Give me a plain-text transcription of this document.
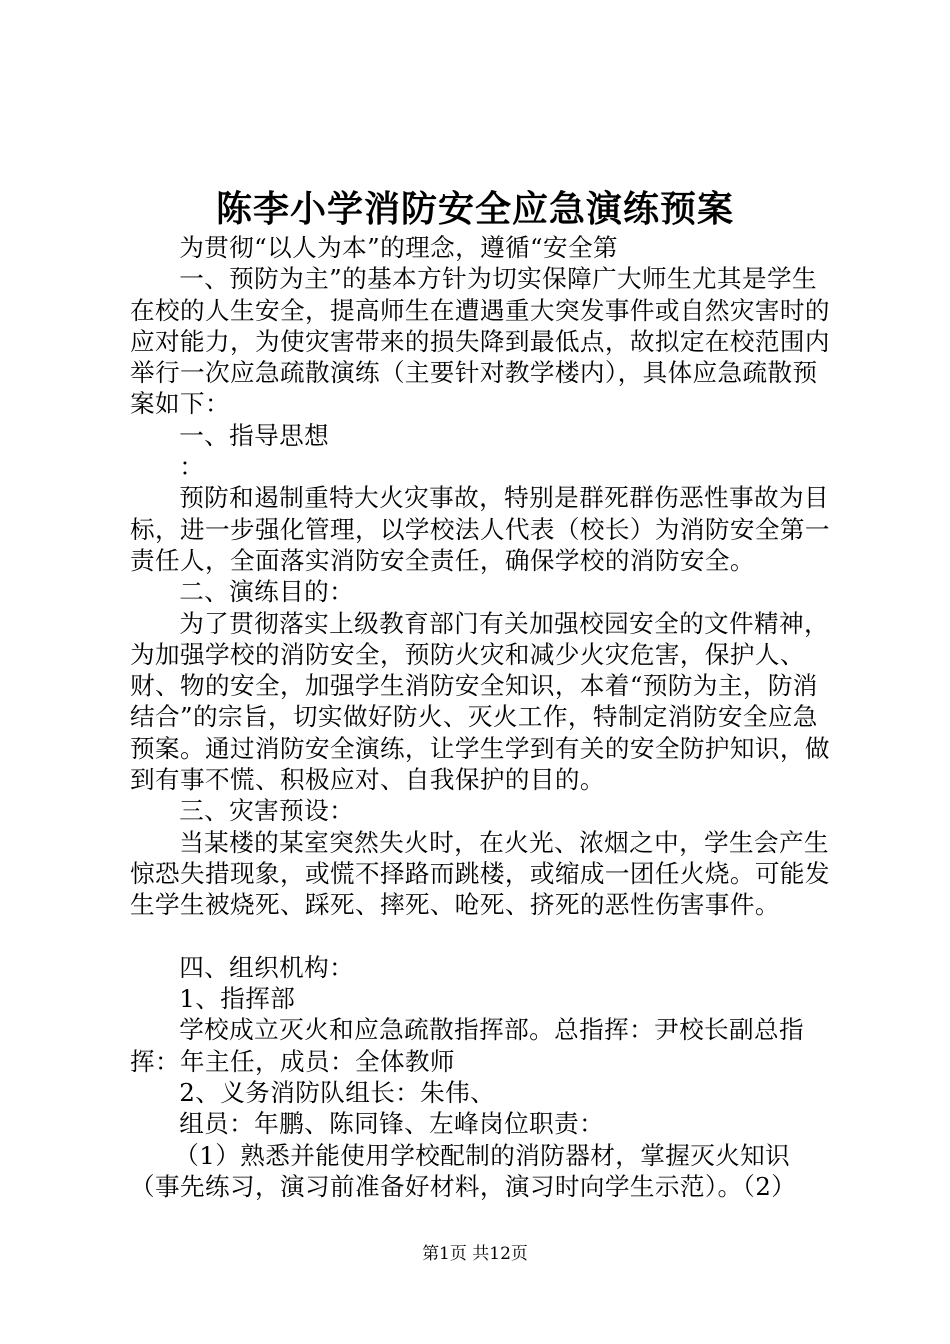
陈李小学消防安全应急演练预案

为贯彻“以人为本”的理念，遵循“安全第

一、预防为主”的基本方针为切实保障广大师生尤其是学生在校的人生安全，提高师生在遭遇重大突发事件或自然灾害时的应对能力，为使灾害带来的损失降到最低点，故拟定在校范围内举行一次应急疏散演练（主要针对教学楼内），具体应急疏散预案如下：

一、指导思想

：

预防和遏制重特大火灾事故，特别是群死群伤恶性事故为目标，进一步强化管理，以学校法人代表（校长）为消防安全第一责任人，全面落实消防安全责任，确保学校的消防安全。

二、演练目的：

为了贯彻落实上级教育部门有关加强校园安全的文件精神，为加强学校的消防安全，预防火灾和减少火灾危害，保护人、财、物的安全，加强学生消防安全知识，本着“预防为主，防消结合”的宗旨，切实做好防火、灭火工作，特制定消防安全应急预案。通过消防安全演练，让学生学到有关的安全防护知识，做到有事不慌、积极应对、自我保护的目的。

三、灾害预设：

当某楼的某室突然失火时，在火光、浓烟之中，学生会产生惊恐失措现象，或慌不择路而跳楼，或缩成一团任火烧。可能发生学生被烧死、踩死、摔死、呛死、挤死的恶性伤害事件。

四、组织机构：

1、指挥部

学校成立灭火和应急疏散指挥部。总指挥：尹校长副总指挥：年主任，成员：全体教师

2、义务消防队组长：朱伟、

组员：年鹏、陈同锋、左峰岗位职责：

（1）熟悉并能使用学校配制的消防器材，掌握灭火知识（事先练习，演习前准备好材料，演习时向学生示范）。（2）

第1页 共12页
